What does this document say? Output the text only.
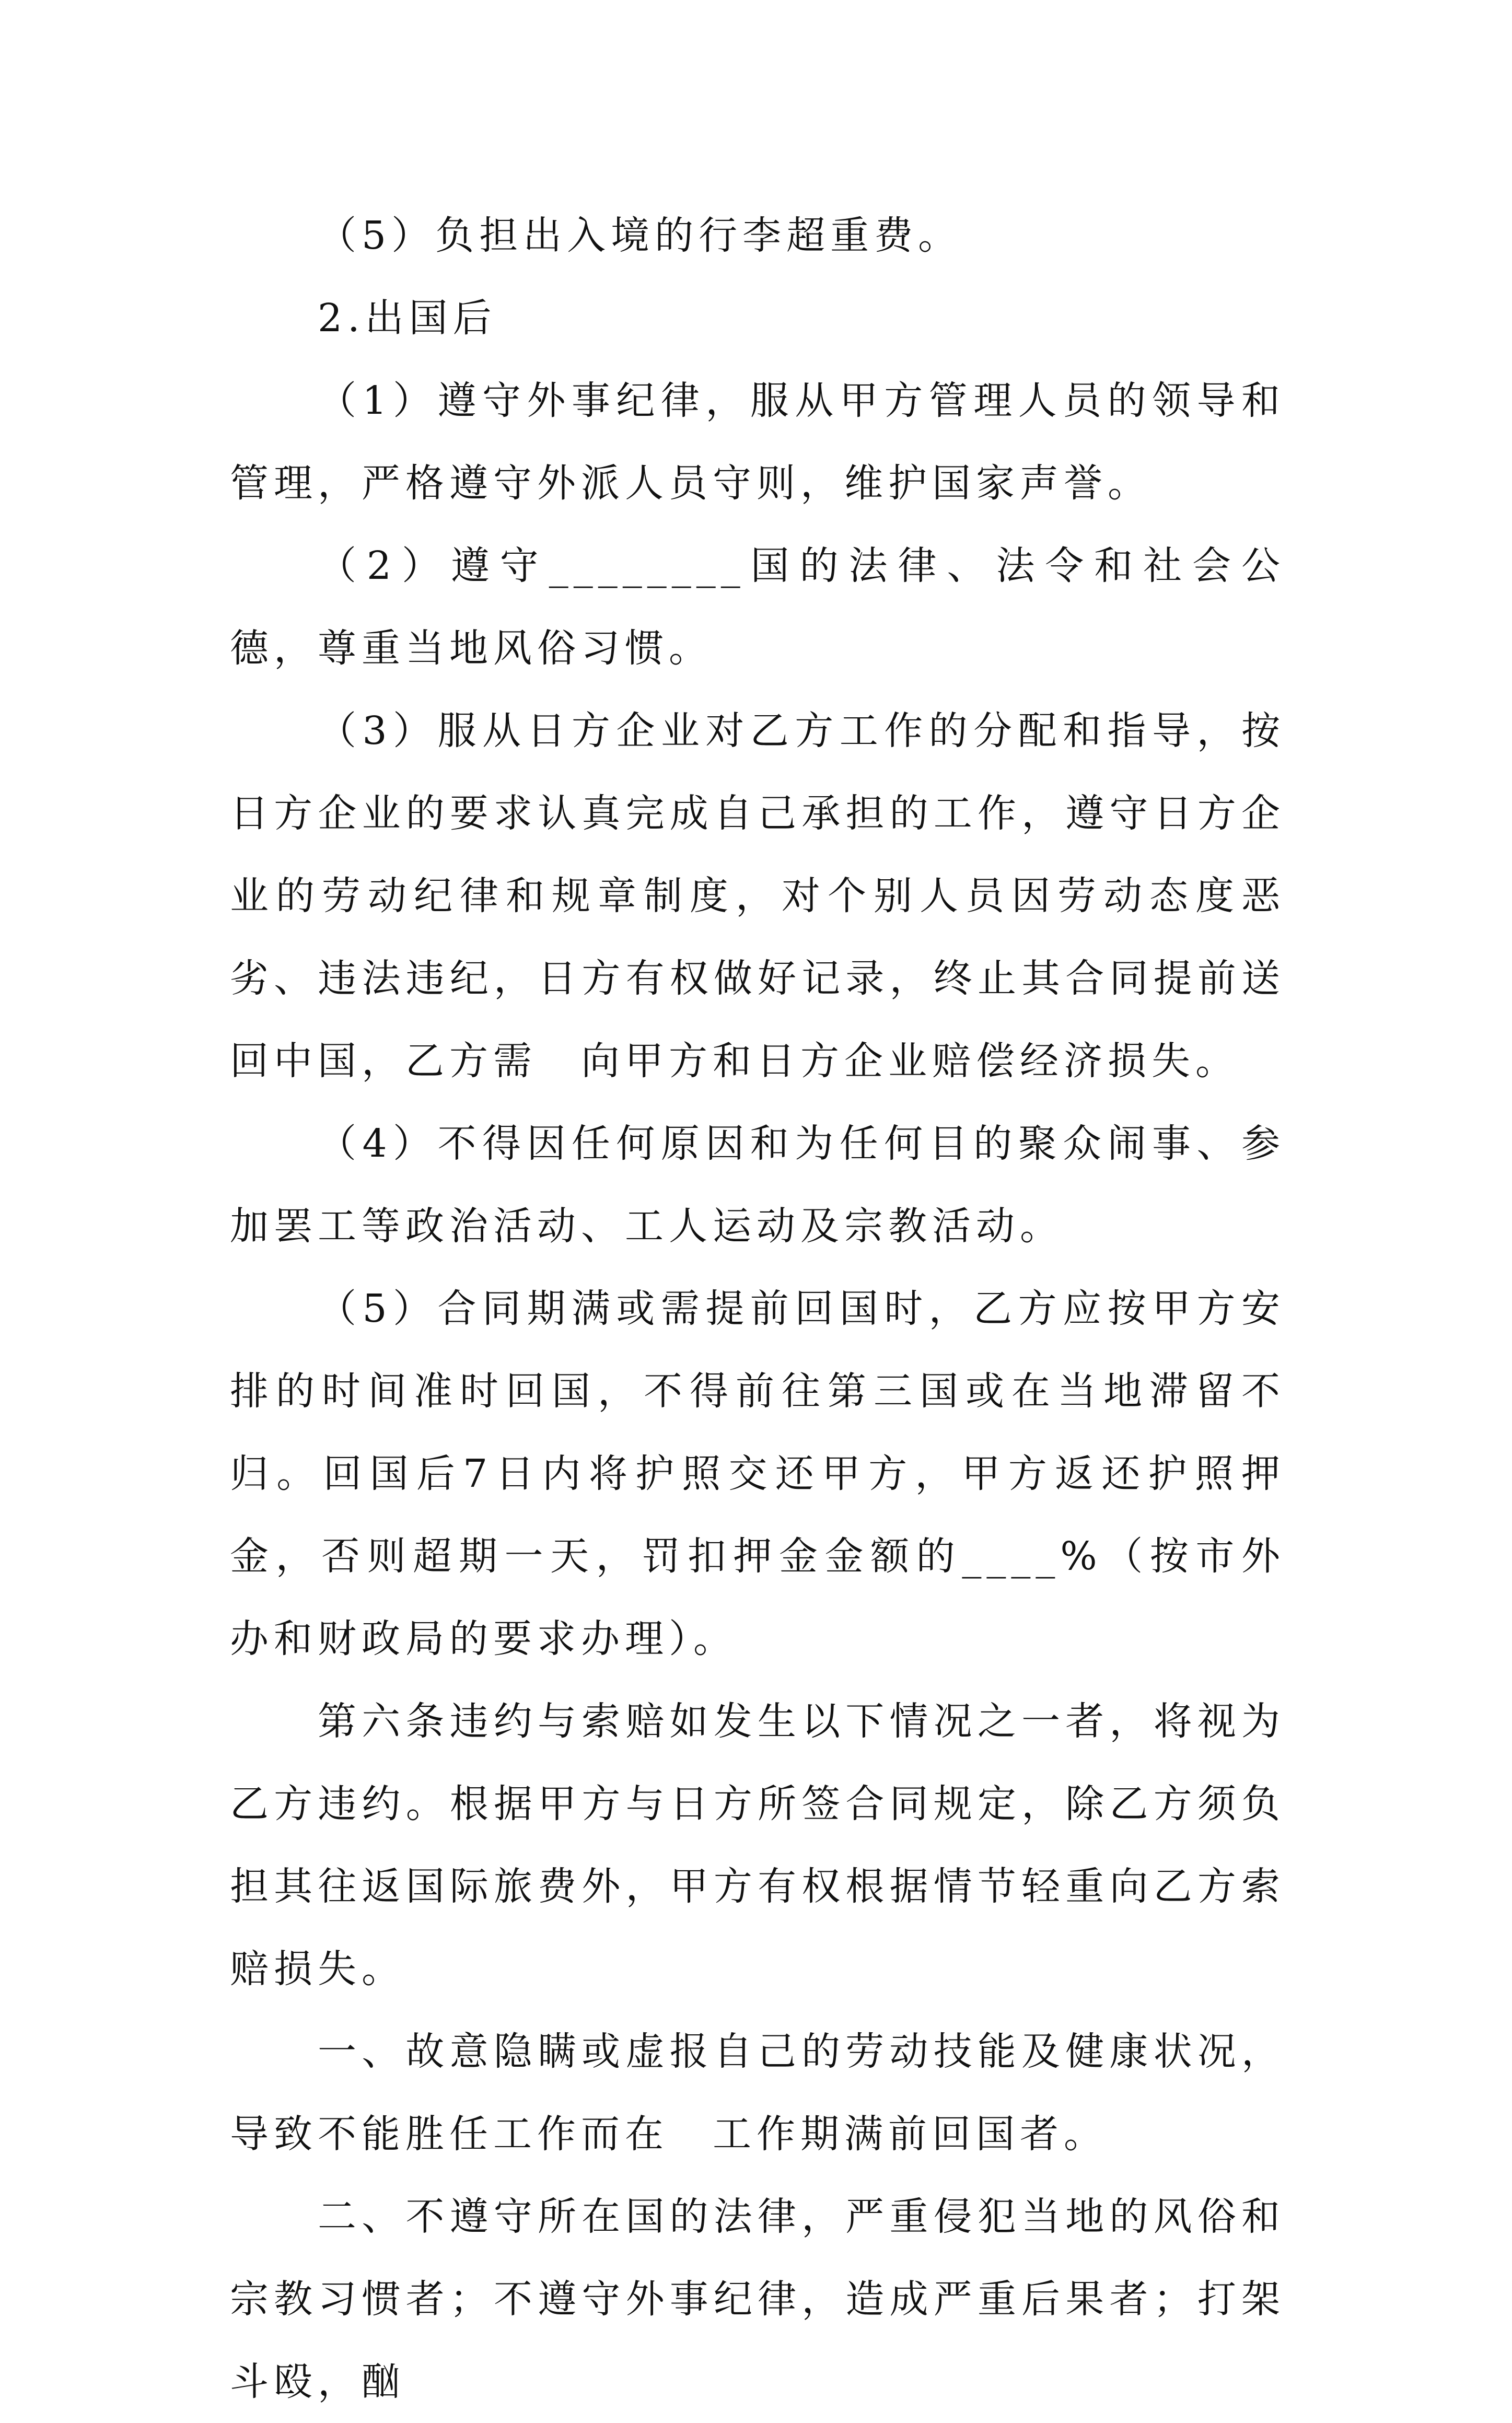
（5）负担出入境的行李超重费。

2.出国后

（1）遵守外事纪律，服从甲方管理人员的领导和管理，严格遵守外派人员守则，维护国家声誉。

（2）遵守________国的法律、法令和社会公德，尊重当地风俗习惯。

（3）服从日方企业对乙方工作的分配和指导，按日方企业的要求认真完成自己承担的工作，遵守日方企业的劳动纪律和规章制度，对个别人员因劳动态度恶劣、违法违纪，日方有权做好记录，终止其合同提前送回中国，乙方需　向甲方和日方企业赔偿经济损失。

（4）不得因任何原因和为任何目的聚众闹事、参加罢工等政治活动、工人运动及宗教活动。

（5）合同期满或需提前回国时，乙方应按甲方安排的时间准时回国，不得前往第三国或在当地滞留不归。回国后7日内将护照交还甲方，甲方返还护照押金，否则超期一天，罚扣押金金额的____%（按市外办和财政局的要求办理）。

第六条违约与索赔如发生以下情况之一者，将视为乙方违约。根据甲方与日方所签合同规定，除乙方须负担其往返国际旅费外，甲方有权根据情节轻重向乙方索赔损失。

一、故意隐瞒或虚报自己的劳动技能及健康状况，导致不能胜任工作而在　工作期满前回国者。

二、不遵守所在国的法律，严重侵犯当地的风俗和宗教习惯者；不遵守外事纪律，造成严重后果者；打架斗殴，酗
